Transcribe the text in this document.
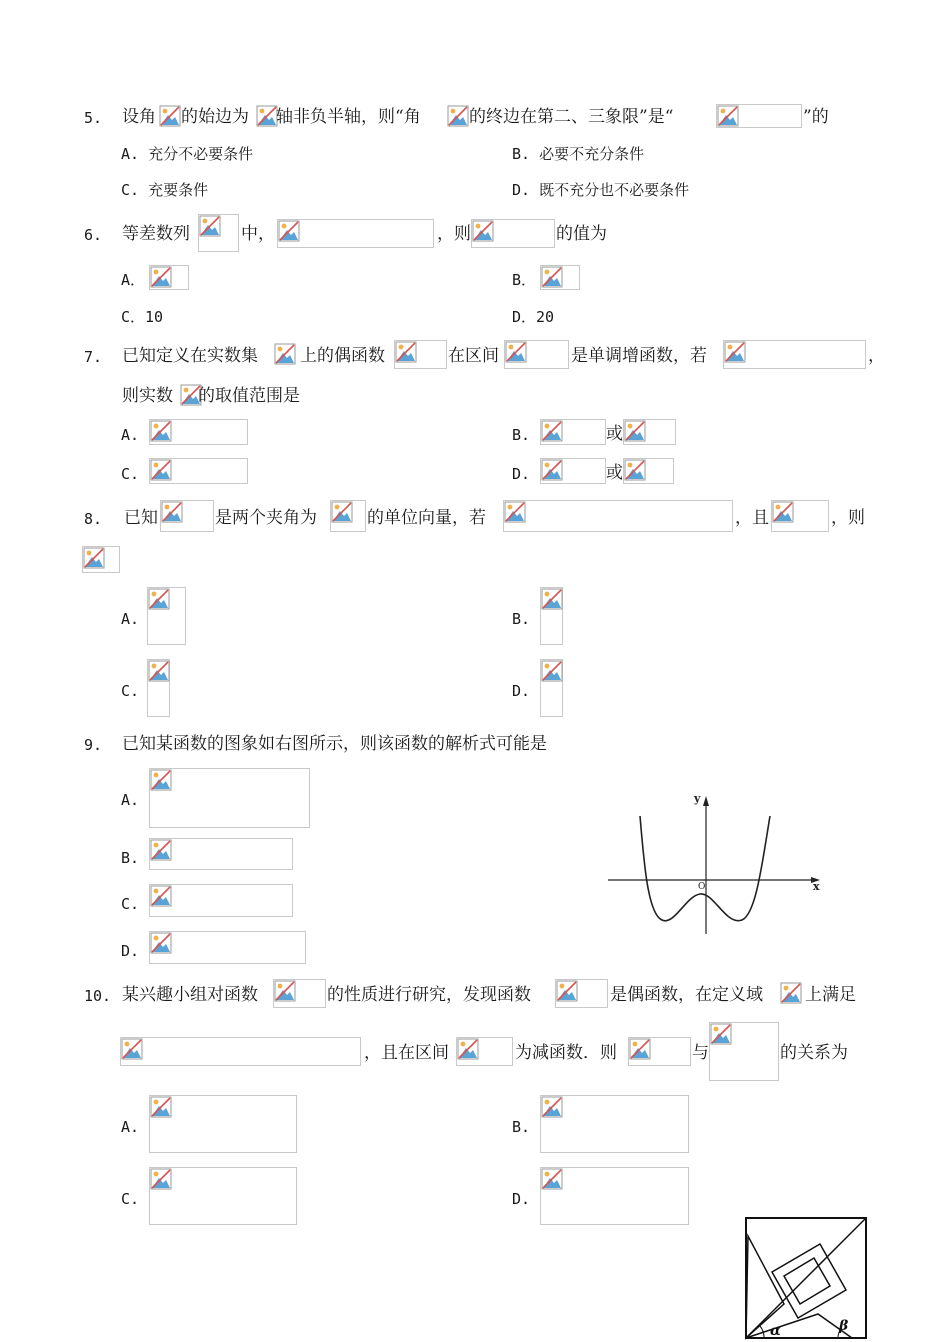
5. 设角 的始边为 轴非负半轴，则“角	的终边在第二、三象限”是“	”的
A. 充分不必要条件	B. 必要不充分条件
C. 充要条件	D. 既不充分也不必要条件
6. 等差数列	中，	，则	的值为
A．	B．
C．10	D．20
7. 已知定义在实数集 上的偶函数	在区间	是单调增函数，若	，
则实数 的取值范围是
A.	B.	或
C.	D.	或
8. 已知	是两个夹角为	的单位向量，若	，且	，则
A.	B.
C.	D.
9. 已知某函数的图象如右图所示，则该函数的解析式可能是
A.
B.
C.
D.
y
x
O
10. 某兴趣小组对函数	的性质进行研究，发现函数	是偶函数，在定义域 上满足
，且在区间	为减函数．则	与	的关系为
A.	B.
C.	D.
α	β
